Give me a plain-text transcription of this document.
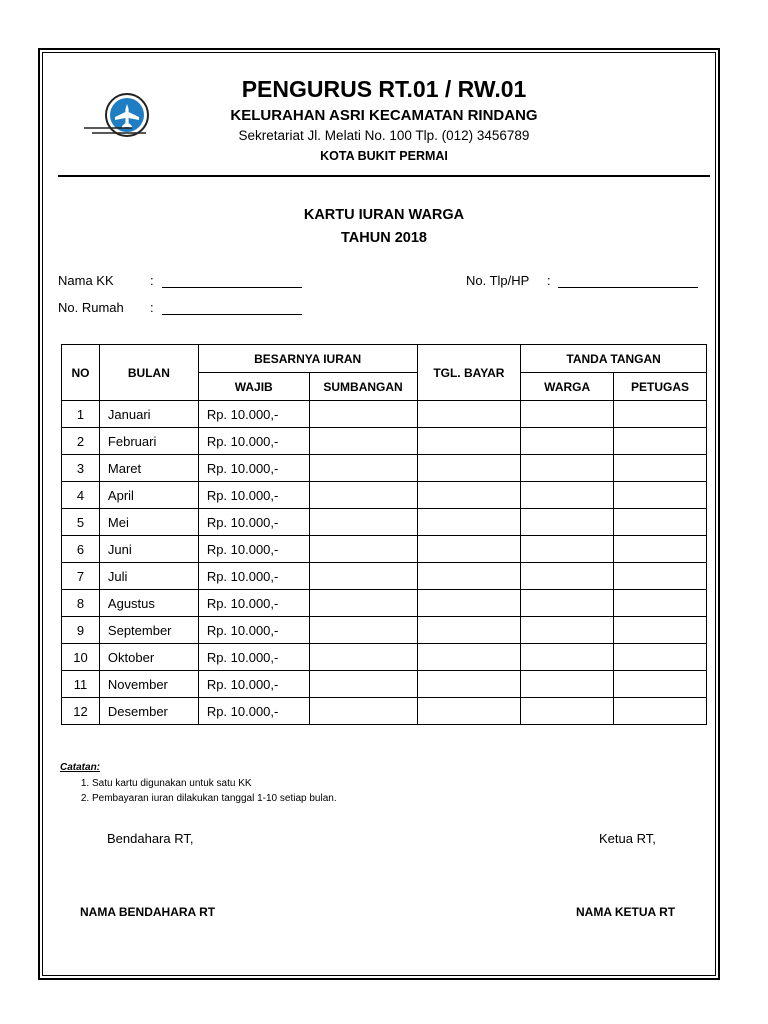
PENGURUS RT.01 / RW.01
KELURAHAN ASRI KECAMATAN RINDANG
Sekretariat Jl. Melati No. 100 Tlp. (012) 3456789
KOTA BUKIT PERMAI
KARTU IURAN WARGA
TAHUN 2018
Nama KK	:
No. Rumah :
No. Tlp/HP :
NO	BULAN	BESARNYA IURAN		TGL. BAYAR	TANDA TANGAN	
		WAJIB	SUMBANGAN		WARGA	PETUGAS
1	Januari	Rp. 10.000,-				
2	Februari	Rp. 10.000,-				
3	Maret	Rp. 10.000,-				
4	April	Rp. 10.000,-				
5	Mei	Rp. 10.000,-				
6	Juni	Rp. 10.000,-				
7	Juli	Rp. 10.000,-				
8	Agustus	Rp. 10.000,-				
9	September	Rp. 10.000,-				
10	Oktober	Rp. 10.000,-				
11	November	Rp. 10.000,-				
12	Desember	Rp. 10.000,-				
Catatan:
1. Satu kartu digunakan untuk satu KK
2. Pembayaran iuran dilakukan tanggal 1-10 setiap bulan.
Bendahara RT,	Ketua RT,
NAMA BENDAHARA RT	NAMA KETUA RT
